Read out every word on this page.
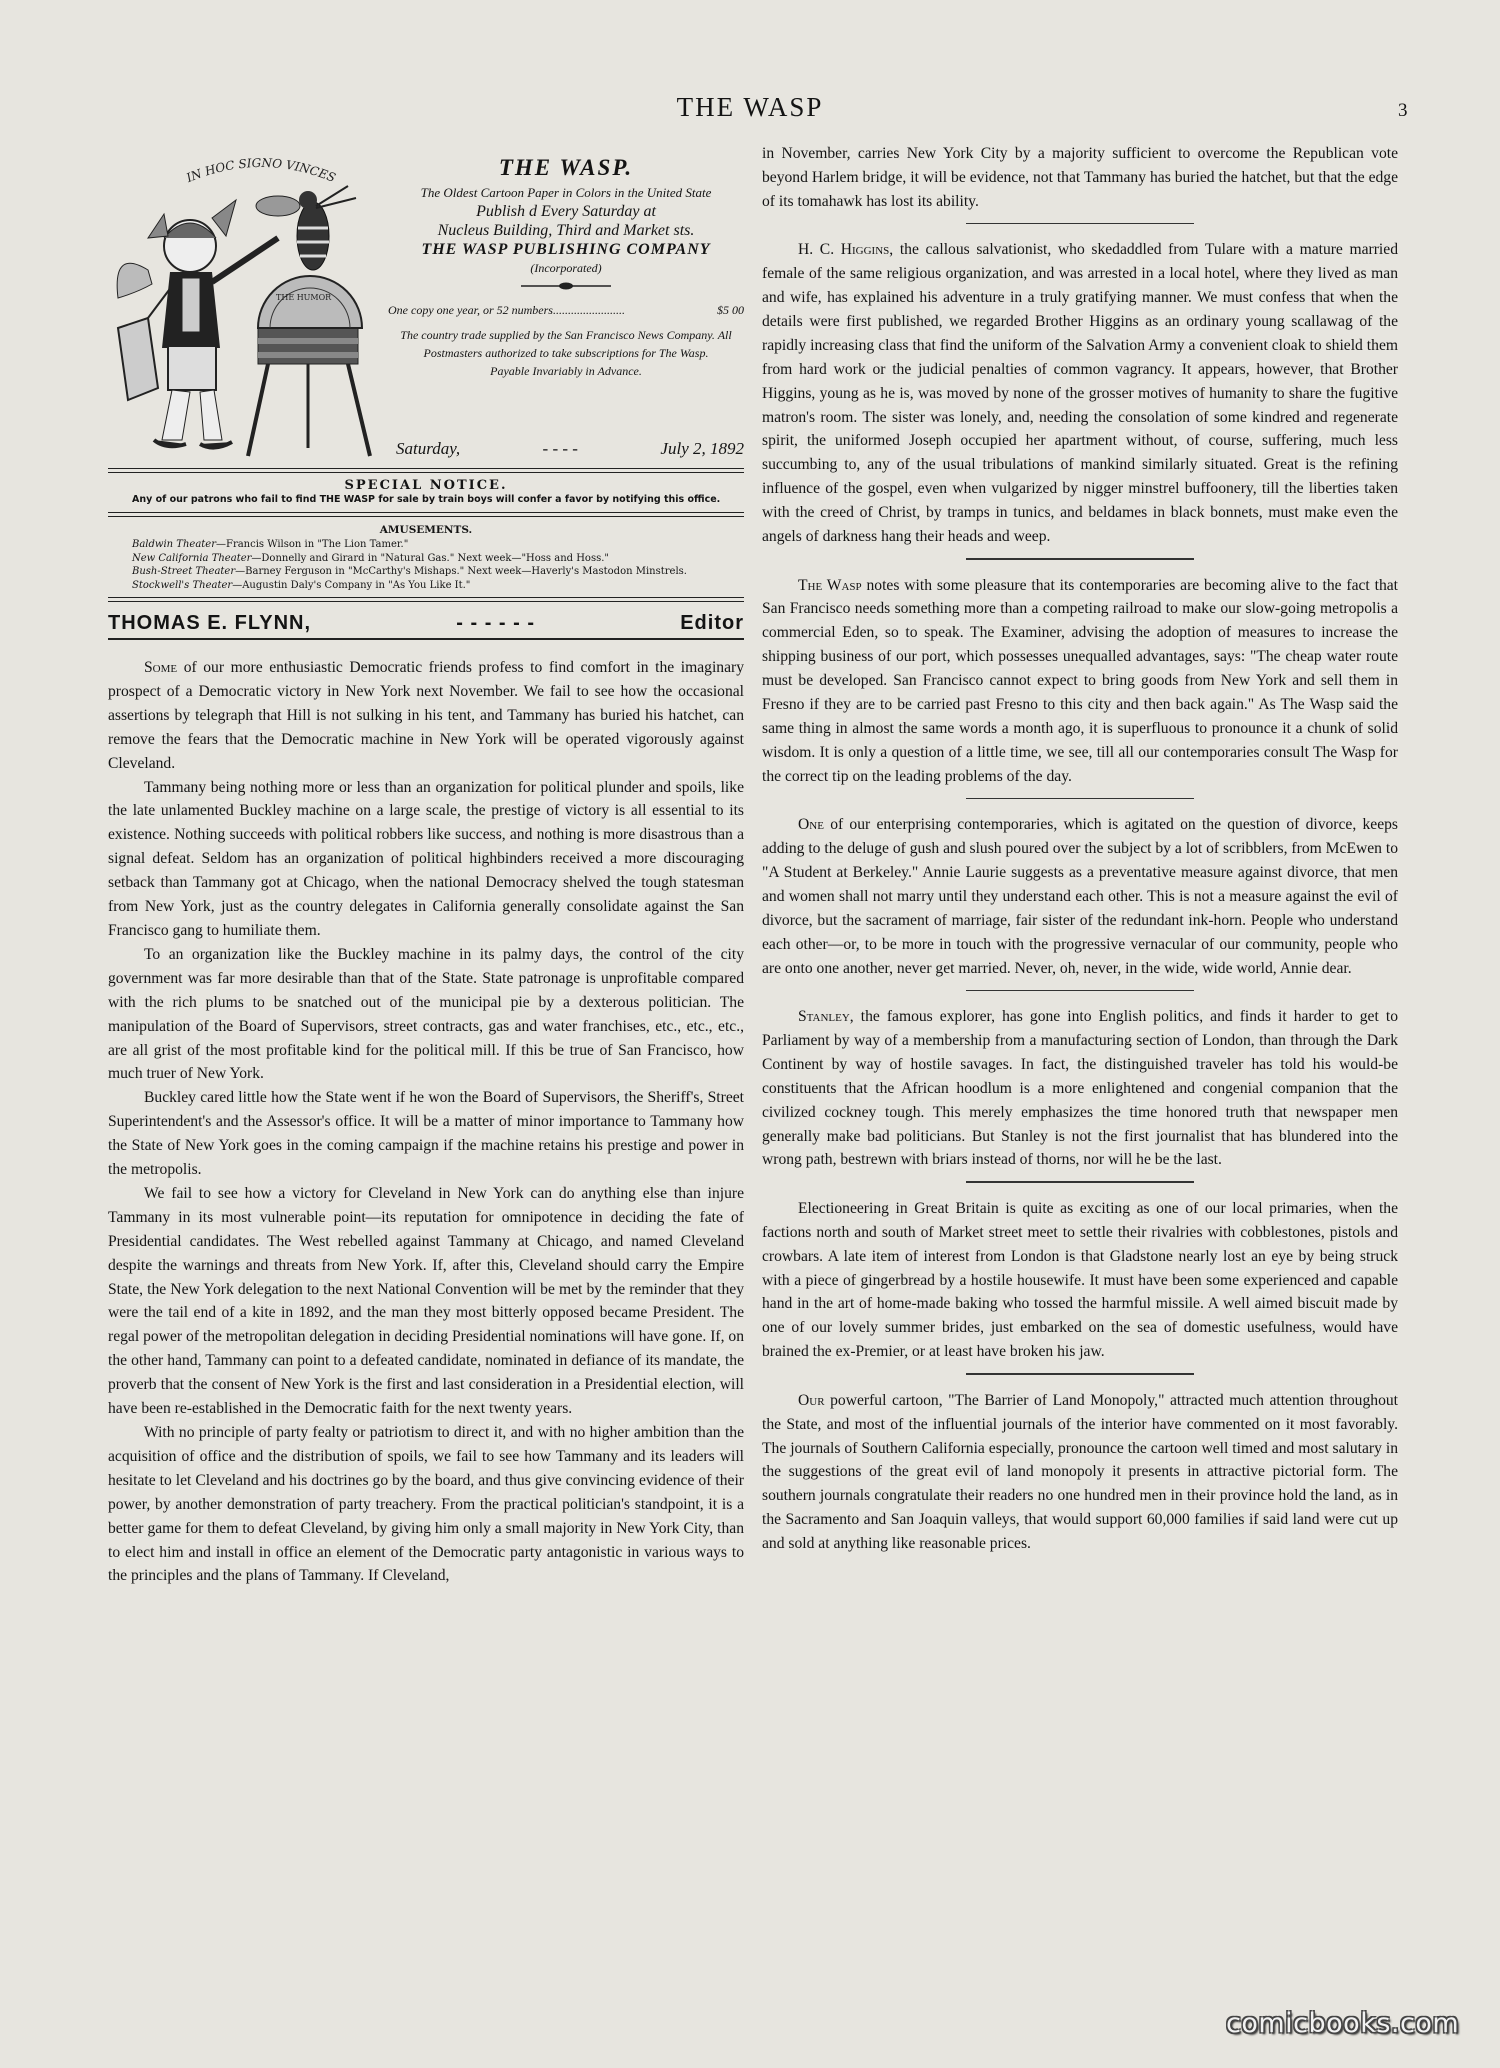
THE WASP	3
IN HOC SIGNO VINCES
THE HUMOR
THE WASP.
The Oldest Cartoon Paper in Colors in the United State
Publish d Every Saturday at
Nucleus Building, Third and Market sts.
THE WASP PUBLISHING COMPANY
(Incorporated)
One copy one year, or 52 numbers........................	$5 00
The country trade supplied by the San Francisco News Company. All Postmasters authorized to take subscriptions for The Wasp.
Payable Invariably in Advance.
Saturday,	- - - -	July 2, 1892
SPECIAL NOTICE.
Any of our patrons who fail to find THE WASP for sale by train boys will confer a favor by notifying this office.
AMUSEMENTS.
Baldwin Theater—Francis Wilson in "The Lion Tamer."
New California Theater—Donnelly and Girard in "Natural Gas." Next week—"Hoss and Hoss."
Bush-Street Theater—Barney Ferguson in "McCarthy's Mishaps." Next week—Haverly's Mastodon Minstrels.
Stockwell's Theater—Augustin Daly's Company in "As You Like It."
THOMAS E. FLYNN,	- - - - - -	Editor

Some of our more enthusiastic Democratic friends profess to find comfort in the imaginary prospect of a Democratic victory in New York next November. We fail to see how the occasional assertions by telegraph that Hill is not sulking in his tent, and Tammany has buried his hatchet, can remove the fears that the Democratic machine in New York will be operated vigorously against Cleveland.

Tammany being nothing more or less than an organization for political plunder and spoils, like the late unlamented Buckley machine on a large scale, the prestige of victory is all essential to its existence. Nothing succeeds with political robbers like success, and nothing is more disastrous than a signal defeat. Seldom has an organization of political highbinders received a more discouraging setback than Tammany got at Chicago, when the national Democracy shelved the tough statesman from New York, just as the country delegates in California generally consolidate against the San Francisco gang to humiliate them.

To an organization like the Buckley machine in its palmy days, the control of the city government was far more desirable than that of the State. State patronage is unprofitable compared with the rich plums to be snatched out of the municipal pie by a dexterous politician. The manipulation of the Board of Supervisors, street contracts, gas and water franchises, etc., etc., etc., are all grist of the most profitable kind for the political mill. If this be true of San Francisco, how much truer of New York.

Buckley cared little how the State went if he won the Board of Supervisors, the Sheriff's, Street Superintendent's and the Assessor's office. It will be a matter of minor importance to Tammany how the State of New York goes in the coming campaign if the machine retains his prestige and power in the metropolis.

We fail to see how a victory for Cleveland in New York can do anything else than injure Tammany in its most vulnerable point—its reputation for omnipotence in deciding the fate of Presidential candidates. The West rebelled against Tammany at Chicago, and named Cleveland despite the warnings and threats from New York. If, after this, Cleveland should carry the Empire State, the New York delegation to the next National Convention will be met by the reminder that they were the tail end of a kite in 1892, and the man they most bitterly opposed became President. The regal power of the metropolitan delegation in deciding Presidential nominations will have gone. If, on the other hand, Tammany can point to a defeated candidate, nominated in defiance of its mandate, the proverb that the consent of New York is the first and last consideration in a Presidential election, will have been re-established in the Democratic faith for the next twenty years.

With no principle of party fealty or patriotism to direct it, and with no higher ambition than the acquisition of office and the distribution of spoils, we fail to see how Tammany and its leaders will hesitate to let Cleveland and his doctrines go by the board, and thus give convincing evidence of their power, by another demonstration of party treachery. From the practical politician's standpoint, it is a better game for them to defeat Cleveland, by giving him only a small majority in New York City, than to elect him and install in office an element of the Democratic party antagonistic in various ways to the principles and the plans of Tammany. If Cleveland,

in November, carries New York City by a majority sufficient to overcome the Republican vote beyond Harlem bridge, it will be evidence, not that Tammany has buried the hatchet, but that the edge of its tomahawk has lost its ability.

H. C. Higgins, the callous salvationist, who skedaddled from Tulare with a mature married female of the same religious organization, and was arrested in a local hotel, where they lived as man and wife, has explained his adventure in a truly gratifying manner. We must confess that when the details were first published, we regarded Brother Higgins as an ordinary young scallawag of the rapidly increasing class that find the uniform of the Salvation Army a convenient cloak to shield them from hard work or the judicial penalties of common vagrancy. It appears, however, that Brother Higgins, young as he is, was moved by none of the grosser motives of humanity to share the fugitive matron's room. The sister was lonely, and, needing the consolation of some kindred and regenerate spirit, the uniformed Joseph occupied her apartment without, of course, suffering, much less succumbing to, any of the usual tribulations of mankind similarly situated. Great is the refining influence of the gospel, even when vulgarized by nigger minstrel buffoonery, till the liberties taken with the creed of Christ, by tramps in tunics, and beldames in black bonnets, must make even the angels of darkness hang their heads and weep.

The Wasp notes with some pleasure that its contemporaries are becoming alive to the fact that San Francisco needs something more than a competing railroad to make our slow-going metropolis a commercial Eden, so to speak. The Examiner, advising the adoption of measures to increase the shipping business of our port, which possesses unequalled advantages, says: "The cheap water route must be developed. San Francisco cannot expect to bring goods from New York and sell them in Fresno if they are to be carried past Fresno to this city and then back again." As The Wasp said the same thing in almost the same words a month ago, it is superfluous to pronounce it a chunk of solid wisdom. It is only a question of a little time, we see, till all our contemporaries consult The Wasp for the correct tip on the leading problems of the day.

One of our enterprising contemporaries, which is agitated on the question of divorce, keeps adding to the deluge of gush and slush poured over the subject by a lot of scribblers, from McEwen to "A Student at Berkeley." Annie Laurie suggests as a preventative measure against divorce, that men and women shall not marry until they understand each other. This is not a measure against the evil of divorce, but the sacrament of marriage, fair sister of the redundant ink-horn. People who understand each other—or, to be more in touch with the progressive vernacular of our community, people who are onto one another, never get married. Never, oh, never, in the wide, wide world, Annie dear.

Stanley, the famous explorer, has gone into English politics, and finds it harder to get to Parliament by way of a membership from a manufacturing section of London, than through the Dark Continent by way of hostile savages. In fact, the distinguished traveler has told his would-be constituents that the African hoodlum is a more enlightened and congenial companion that the civilized cockney tough. This merely emphasizes the time honored truth that newspaper men generally make bad politicians. But Stanley is not the first journalist that has blundered into the wrong path, bestrewn with briars instead of thorns, nor will he be the last.

Electioneering in Great Britain is quite as exciting as one of our local primaries, when the factions north and south of Market street meet to settle their rivalries with cobblestones, pistols and crowbars. A late item of interest from London is that Gladstone nearly lost an eye by being struck with a piece of gingerbread by a hostile housewife. It must have been some experienced and capable hand in the art of home-made baking who tossed the harmful missile. A well aimed biscuit made by one of our lovely summer brides, just embarked on the sea of domestic usefulness, would have brained the ex-Premier, or at least have broken his jaw.

Our powerful cartoon, "The Barrier of Land Monopoly," attracted much attention throughout the State, and most of the influential journals of the interior have commented on it most favorably. The journals of Southern California especially, pronounce the cartoon well timed and most salutary in the suggestions of the great evil of land monopoly it presents in attractive pictorial form. The southern journals congratulate their readers no one hundred men in their province hold the land, as in the Sacramento and San Joaquin valleys, that would support 60,000 families if said land were cut up and sold at anything like reasonable prices.

comicbooks.com
